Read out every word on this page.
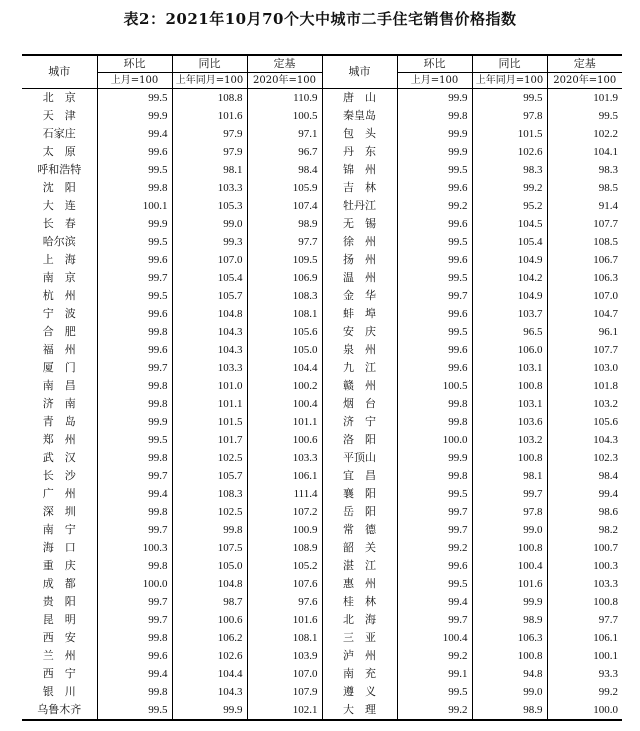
表2：2021年10月70个大中城市二手住宅销售价格指数
城市	环比	同比	定基	城市	环比	同比	定基
	上月=100	上年同月=100	2020年=100		上月=100	上年同月=100	2020年=100
北　京	99.5	108.8	110.9	唐　山	99.9	99.5	101.9
天　津	99.9	101.6	100.5	秦皇岛	99.8	97.8	99.5
石家庄	99.4	97.9	97.1	包　头	99.9	101.5	102.2
太　原	99.6	97.9	96.7	丹　东	99.9	102.6	104.1
呼和浩特	99.5	98.1	98.4	锦　州	99.5	98.3	98.3
沈　阳	99.8	103.3	105.9	吉　林	99.6	99.2	98.5
大　连	100.1	105.3	107.4	牡丹江	99.2	95.2	91.4
长　春	99.9	99.0	98.9	无　锡	99.6	104.5	107.7
哈尔滨	99.5	99.3	97.7	徐　州	99.5	105.4	108.5
上　海	99.6	107.0	109.5	扬　州	99.6	104.9	106.7
南　京	99.7	105.4	106.9	温　州	99.5	104.2	106.3
杭　州	99.5	105.7	108.3	金　华	99.7	104.9	107.0
宁　波	99.6	104.8	108.1	蚌　埠	99.6	103.7	104.7
合　肥	99.8	104.3	105.6	安　庆	99.5	96.5	96.1
福　州	99.6	104.3	105.0	泉　州	99.6	106.0	107.7
厦　门	99.7	103.3	104.4	九　江	99.6	103.1	103.0
南　昌	99.8	101.0	100.2	赣　州	100.5	100.8	101.8
济　南	99.8	101.1	100.4	烟　台	99.8	103.1	103.2
青　岛	99.9	101.5	101.1	济　宁	99.8	103.6	105.6
郑　州	99.5	101.7	100.6	洛　阳	100.0	103.2	104.3
武　汉	99.8	102.5	103.3	平顶山	99.9	100.8	102.3
长　沙	99.7	105.7	106.1	宜　昌	99.8	98.1	98.4
广　州	99.4	108.3	111.4	襄　阳	99.5	99.7	99.4
深　圳	99.8	102.5	107.2	岳　阳	99.7	97.8	98.6
南　宁	99.7	99.8	100.9	常　德	99.7	99.0	98.2
海　口	100.3	107.5	108.9	韶　关	99.2	100.8	100.7
重　庆	99.8	105.0	105.2	湛　江	99.6	100.4	100.3
成　都	100.0	104.8	107.6	惠　州	99.5	101.6	103.3
贵　阳	99.7	98.7	97.6	桂　林	99.4	99.9	100.8
昆　明	99.7	100.6	101.6	北　海	99.7	98.9	97.7
西　安	99.8	106.2	108.1	三　亚	100.4	106.3	106.1
兰　州	99.6	102.6	103.9	泸　州	99.2	100.8	100.1
西　宁	99.4	104.4	107.0	南　充	99.1	94.8	93.3
银　川	99.8	104.3	107.9	遵　义	99.5	99.0	99.2
乌鲁木齐	99.5	99.9	102.1	大　理	99.2	98.9	100.0
